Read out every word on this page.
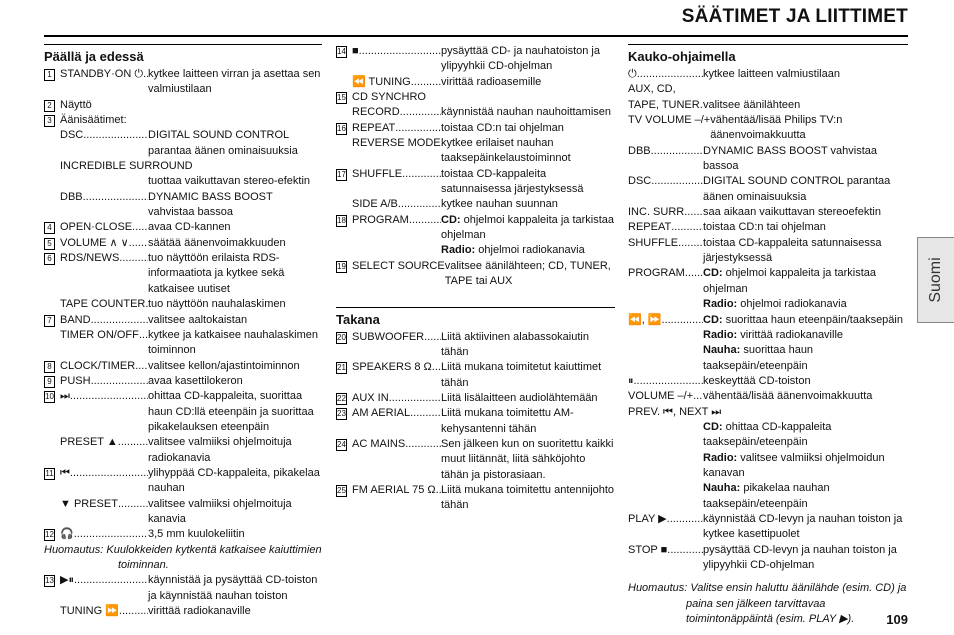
SÄÄTIMET JA LIITTIMET
Päällä ja edessä
1 STANDBY·ON ⏻ ..... kytkee laitteen virran ja asettaa sen valmiustilaan
2 Näyttö
3 Äänisäätimet:
DSC .....	DIGITAL SOUND CONTROL parantaa äänen ominaisuuksia
INCREDIBLE SURROUND
tuottaa vaikuttavan stereo-efektin
DBB .....	DYNAMIC BASS BOOST vahvistaa bassoa
4 OPEN·CLOSE ..... avaa CD-kannen
5 VOLUME ∧ ∨ ..... säätää äänenvoimakkuuden
6 RDS/NEWS .....	tuo näyttöön erilaista RDS-informaatiota ja kytkee sekä katkaisee uutiset
TAPE COUNTER ..... tuo näyttöön nauhalaskimen
7 BAND .....	valitsee aaltokaistan
TIMER ON/OFF ..... kytkee ja katkaisee nauhalaskimen toiminnon
8 CLOCK/TIMER ..... valitsee kellon/ajastintoiminnon
9 PUSH .....	avaa kasettilokeron
10 ⏭ .....	ohittaa CD-kappaleita, suorittaa haun CD:llä eteenpäin ja suorittaa pikakelauksen eteenpäin
PRESET ▲ .....	valitsee valmiiksi ohjelmoituja radiokanavia
11 ⏮ .....	ylihyppää CD-kappaleita, pikakelaa nauhan
▼ PRESET .....	valitsee valmiiksi ohjelmoituja kanavia
12 🎧 .....	3,5 mm kuulokeliitin
Huomautus: Kuulokkeiden kytkentä katkaisee kaiuttimien
toiminnan.
13 ▶⏸ .....	käynnistää ja pysäyttää CD-toiston ja käynnistää nauhan toiston
TUNING ⏩ .....	virittää radiokanaville
14 ■ .....	pysäyttää CD- ja nauhatoiston ja ylipyyhkii CD-ohjelman
⏪ TUNING .....	virittää radioasemille
15 CD SYNCHRO
RECORD .....	käynnistää nauhan nauhoittamisen
16 REPEAT .....	toistaa CD:n tai ohjelman
REVERSE MODE ..... kytkee erilaiset nauhan taaksepäinkelaustoiminnot
17 SHUFFLE .....	toistaa CD-kappaleita satunnaisessa järjestyksessä
SIDE A/B .....	kytkee nauhan suunnan
18 PROGRAM .....	CD: ohjelmoi kappaleita ja tarkistaa ohjelman
Radio: ohjelmoi radiokanavia
19 SELECT SOURCE valitsee äänilähteen; CD, TUNER, TAPE tai AUX
Takana
20 SUBWOOFER ..... Liitä aktiivinen alabassokaiutin tähän
21 SPEAKERS 8 Ω ..... Liitä mukana toimitetut kaiuttimet tähän
22 AUX IN .....	Liitä lisälaitteen audiolähtemään
23 AM AERIAL .....	Liitä mukana toimitettu AM-kehysantenni tähän
24 AC MAINS .....	Sen jälkeen kun on suoritettu kaikki muut liitännät, liitä sähköjohto tähän ja pistorasiaan.
25 FM AERIAL 75 Ω ..... Liitä mukana toimitettu antennijohto tähän
Kauko-ohjaimella
⏻ .....	kytkee laitteen valmiustilaan
AUX, CD,
TAPE, TUNER ..... valitsee äänilähteen
TV VOLUME –/+ vähentää/lisää Philips TV:n äänenvoimakkuutta
DBB .....	DYNAMIC BASS BOOST vahvistaa bassoa
DSC .....	DIGITAL SOUND CONTROL parantaa äänen ominaisuuksia
INC. SURR. ..... saa aikaan vaikuttavan stereoefektin
REPEAT .....	toistaa CD:n tai ohjelman
SHUFFLE ..... toistaa CD-kappaleita satunnaisessa järjestyksessä
PROGRAM ..... CD: ohjelmoi kappaleita ja tarkistaa ohjelman
Radio: ohjelmoi radiokanavia
⏪, ⏩ .....	CD: suorittaa haun eteenpäin/taaksepäin
Radio: virittää radiokanaville
Nauha: suorittaa haun taaksepäin/eteenpäin
⏸ .....	keskeyttää CD-toiston
VOLUME –/+ ..... vähentää/lisää äänenvoimakkuutta
PREV. ⏮, NEXT ⏭
CD: ohittaa CD-kappaleita taaksepäin/eteenpäin
Radio: valitsee valmiiksi ohjelmoidun kanavan
Nauha: pikakelaa nauhan taaksepäin/eteenpäin
PLAY ▶ .....	käynnistää CD-levyn ja nauhan toiston ja kytkee kasettipuolet
STOP ■ .....	pysäyttää CD-levyn ja nauhan toiston ja ylipyyhkii CD-ohjelman
Huomautus: Valitse ensin haluttu äänilähde (esim. CD) ja
paina sen jälkeen tarvittavaa
toimintonäppäintä (esim. PLAY ▶).
Suomi
109
